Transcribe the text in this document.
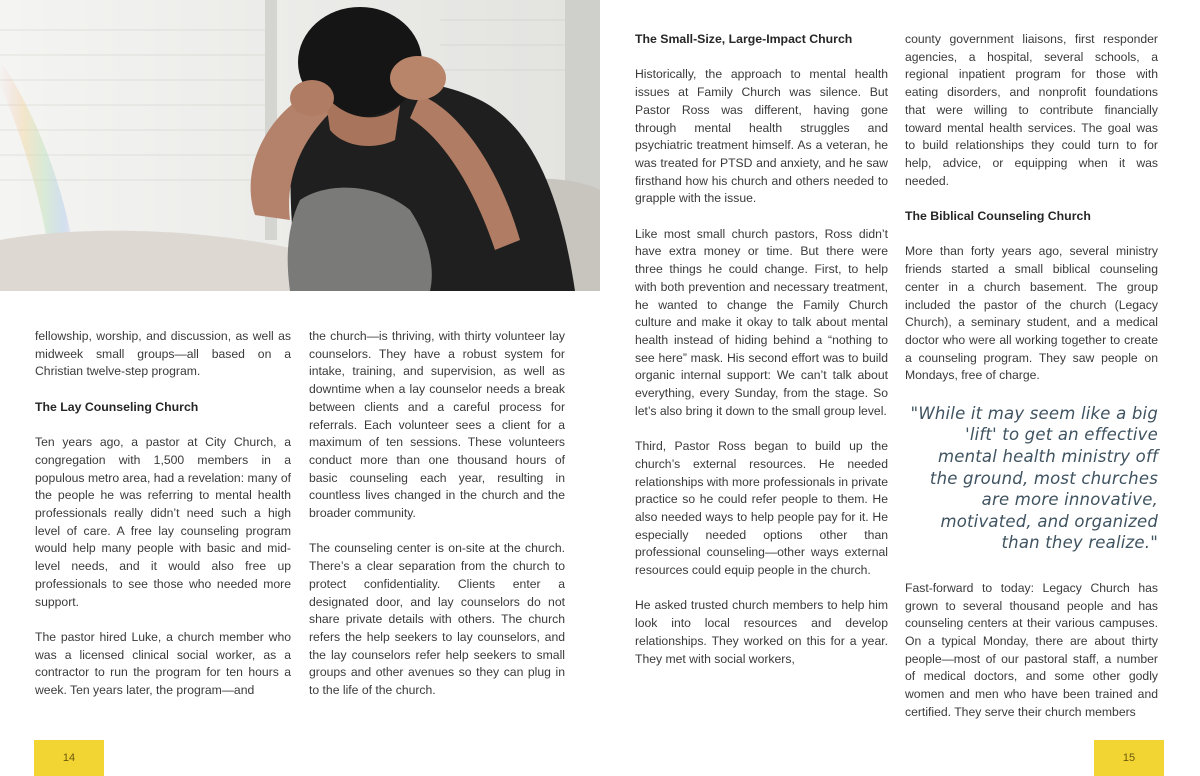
fellowship, worship, and discussion, as well as midweek small groups—all based on a Christian twelve-step program.

The Lay Counseling Church

Ten years ago, a pastor at City Church, a congregation with 1,500 members in a populous metro area, had a revelation: many of the people he was referring to mental health professionals really didn’t need such a high level of care. A free lay counseling program would help many people with basic and mid-level needs, and it would also free up professionals to see those who needed more support.

The pastor hired Luke, a church member who was a licensed clinical social worker, as a contractor to run the program for ten hours a week. Ten years later, the program—and

the church—is thriving, with thirty volunteer lay counselors. They have a robust system for intake, training, and supervision, as well as downtime when a lay counselor needs a break between clients and a careful process for referrals. Each volunteer sees a client for a maximum of ten sessions. These volunteers conduct more than one thousand hours of basic counseling each year, resulting in countless lives changed in the church and the broader community.

The counseling center is on-site at the church. There’s a clear separation from the church to protect confidentiality. Clients enter a designated door, and lay counselors do not share private details with others. The church refers the help seekers to lay counselors, and the lay counselors refer help seekers to small groups and other avenues so they can plug in to the life of the church.

The Small-Size, Large-Impact Church

Historically, the approach to mental health issues at Family Church was silence. But Pastor Ross was different, having gone through mental health struggles and psychiatric treatment himself. As a veteran, he was treated for PTSD and anxiety, and he saw firsthand how his church and others needed to grapple with the issue.

Like most small church pastors, Ross didn’t have extra money or time. But there were three things he could change. First, to help with both prevention and necessary treatment, he wanted to change the Family Church culture and make it okay to talk about mental health instead of hiding behind a “nothing to see here” mask. His second effort was to build organic internal support: We can’t talk about everything, every Sunday, from the stage. So let’s also bring it down to the small group level.

Third, Pastor Ross began to build up the church’s external resources. He needed relationships with more professionals in private practice so he could refer people to them. He also needed ways to help people pay for it. He especially needed options other than professional counseling—other ways external resources could equip people in the church.

He asked trusted church members to help him look into local resources and develop relationships. They worked on this for a year. They met with social workers,

county government liaisons, first responder agencies, a hospital, several schools, a regional inpatient program for those with eating disorders, and nonprofit foundations that were willing to contribute financially toward mental health services. The goal was to build relationships they could turn to for help, advice, or equipping when it was needed.

The Biblical Counseling Church

More than forty years ago, several ministry friends started a small biblical counseling center in a church basement. The group included the pastor of the church (Legacy Church), a seminary student, and a medical doctor who were all working together to create a counseling program. They saw people on Mondays, free of charge.

"While it may seem like a big 'lift' to get an effective mental health ministry off the ground, most churches are more innovative, motivated, and organized than they realize."

Fast-forward to today: Legacy Church has grown to several thousand people and has counseling centers at their various campuses. On a typical Monday, there are about thirty people—most of our pastoral staff, a number of medical doctors, and some other godly women and men who have been trained and certified. They serve their church members

14	15
